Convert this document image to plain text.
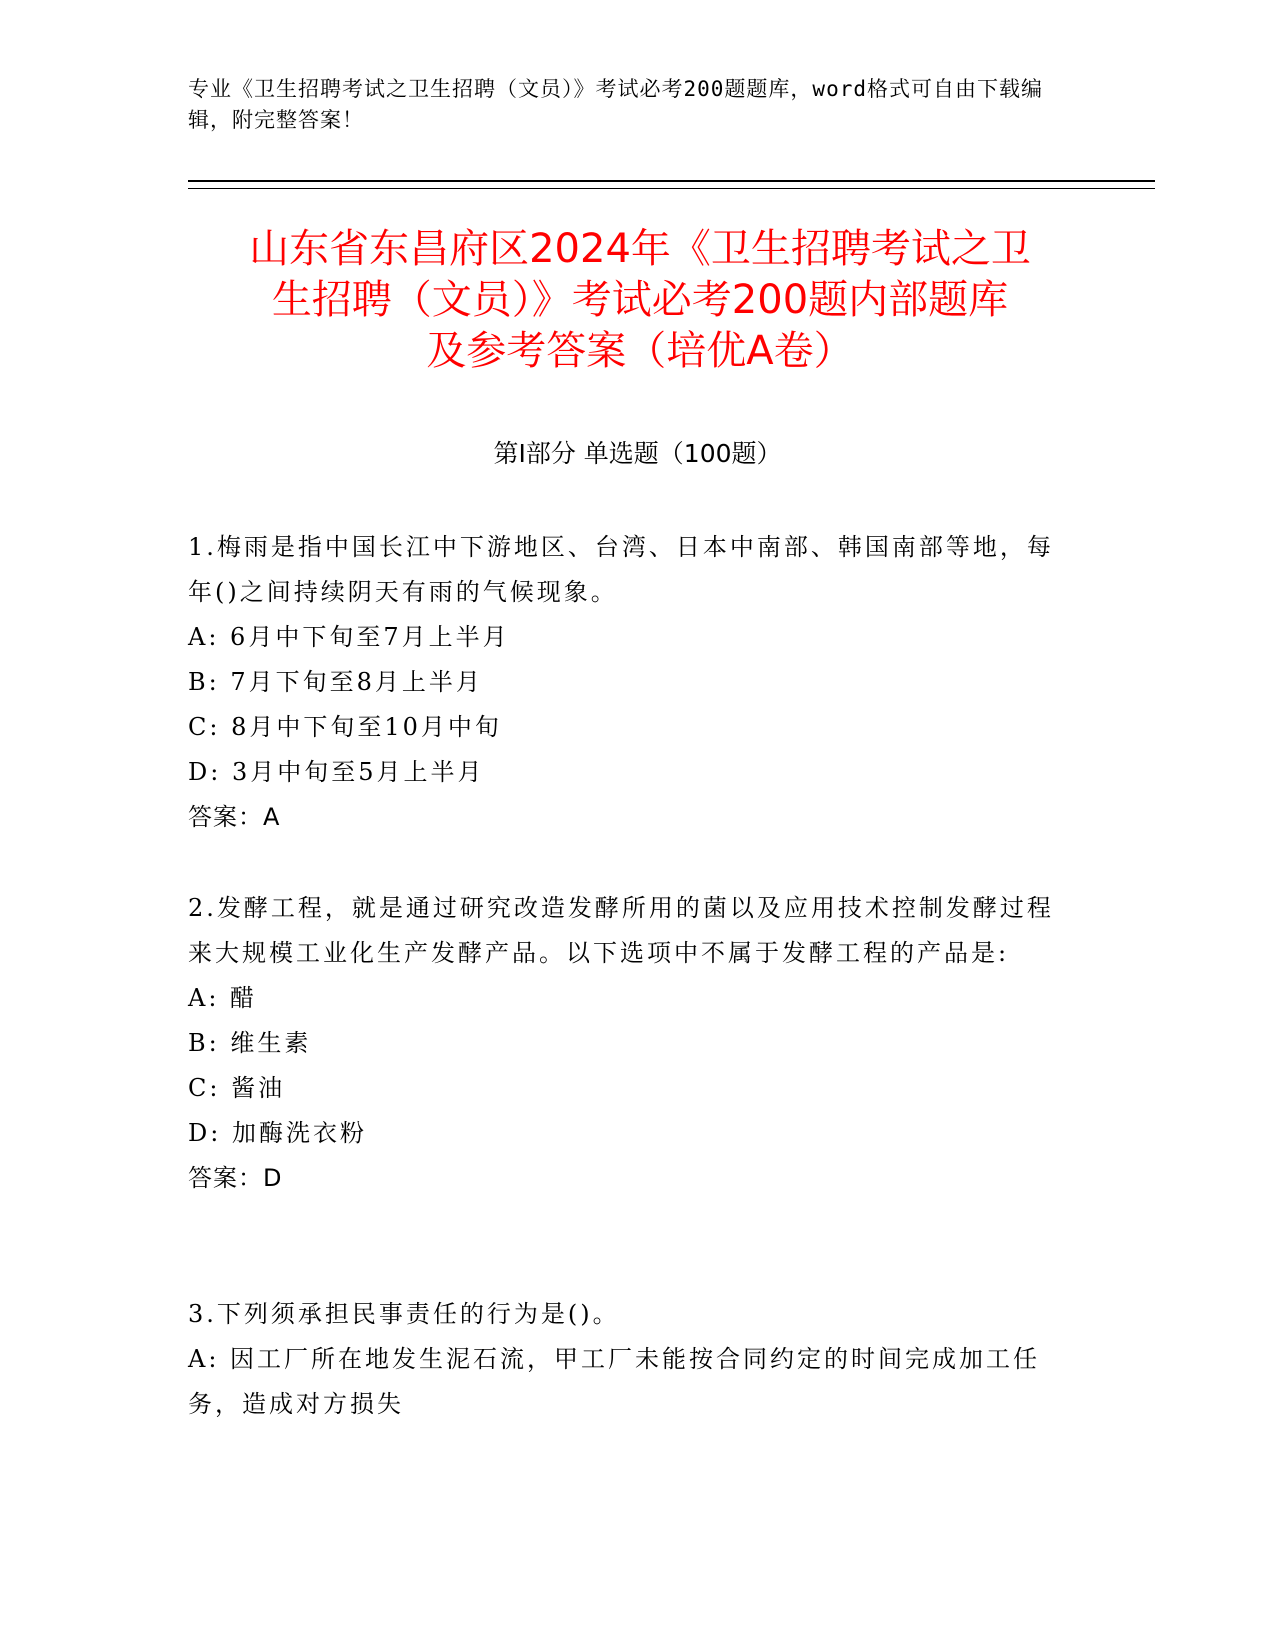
专业《卫生招聘考试之卫生招聘（文员）》考试必考200题题库，word格式可自由下载编辑，附完整答案！
山东省东昌府区2024年《卫生招聘考试之卫
生招聘（文员）》考试必考200题内部题库
及参考答案（培优A卷）
第Ⅰ部分 单选题（100题）
1.梅雨是指中国长江中下游地区、台湾、日本中南部、韩国南部等地，每年()之间持续阴天有雨的气候现象。
A: 6月中下旬至7月上半月
B: 7月下旬至8月上半月
C: 8月中下旬至10月中旬
D: 3月中旬至5月上半月
答案：A
2.发酵工程，就是通过研究改造发酵所用的菌以及应用技术控制发酵过程来大规模工业化生产发酵产品。以下选项中不属于发酵工程的产品是:
A: 醋
B: 维生素
C: 酱油
D: 加酶洗衣粉
答案：D
3.下列须承担民事责任的行为是()。
A: 因工厂所在地发生泥石流，甲工厂未能按合同约定的时间完成加工任务，造成对方损失
